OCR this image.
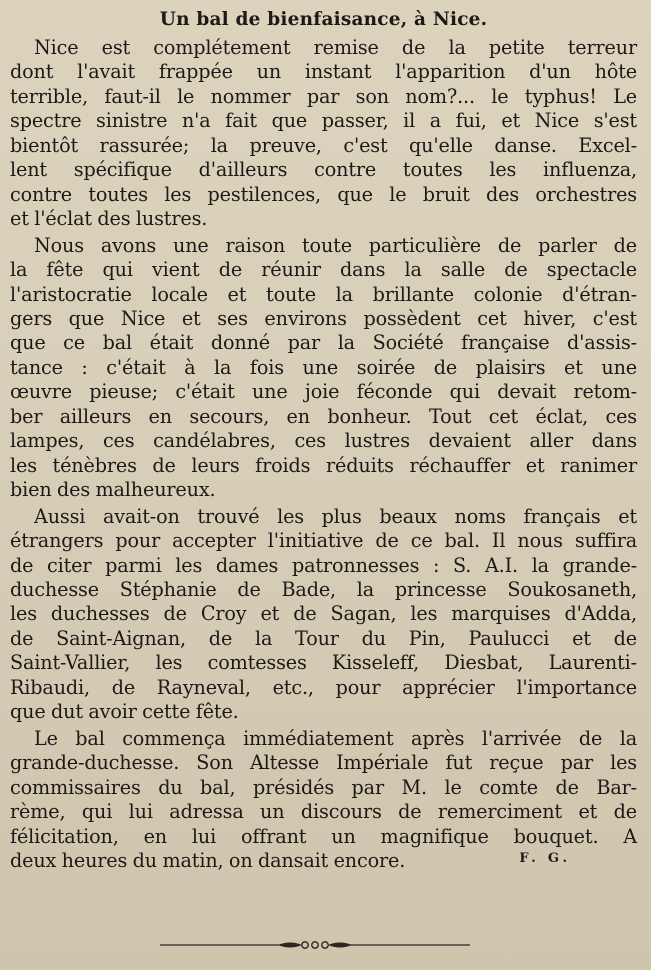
Un bal de bienfaisance, à Nice.

Nice est complétement remise de la petite terreur
dont l'avait frappée un instant l'apparition d'un hôte
terrible, faut-il le nommer par son nom?... le typhus! Le
spectre sinistre n'a fait que passer, il a fui, et Nice s'est
bientôt rassurée; la preuve, c'est qu'elle danse. Excel-
lent spécifique d'ailleurs contre toutes les influenza,
contre toutes les pestilences, que le bruit des orchestres
et l'éclat des lustres.

Nous avons une raison toute particulière de parler de
la fête qui vient de réunir dans la salle de spectacle
l'aristocratie locale et toute la brillante colonie d'étran-
gers que Nice et ses environs possèdent cet hiver, c'est
que ce bal était donné par la Société française d'assis-
tance : c'était à la fois une soirée de plaisirs et une
œuvre pieuse; c'était une joie féconde qui devait retom-
ber ailleurs en secours, en bonheur. Tout cet éclat, ces
lampes, ces candélabres, ces lustres devaient aller dans
les ténèbres de leurs froids réduits réchauffer et ranimer
bien des malheureux.

Aussi avait-on trouvé les plus beaux noms français et
étrangers pour accepter l'initiative de ce bal. Il nous suffira
de citer parmi les dames patronnesses : S. A.I. la grande-
duchesse Stéphanie de Bade, la princesse Soukosaneth,
les duchesses de Croy et de Sagan, les marquises d'Adda,
de Saint-Aignan, de la Tour du Pin, Paulucci et de
Saint-Vallier, les comtesses Kisseleff, Diesbat, Laurenti-
Ribaudi, de Rayneval, etc., pour apprécier l'importance
que dut avoir cette fête.

Le bal commença immédiatement après l'arrivée de la
grande-duchesse. Son Altesse Impériale fut reçue par les
commissaires du bal, présidés par M. le comte de Bar-
rème, qui lui adressa un discours de remerciment et de
félicitation, en lui offrant un magnifique bouquet. A
deux heures du matin, on dansait encore.	F. G.
